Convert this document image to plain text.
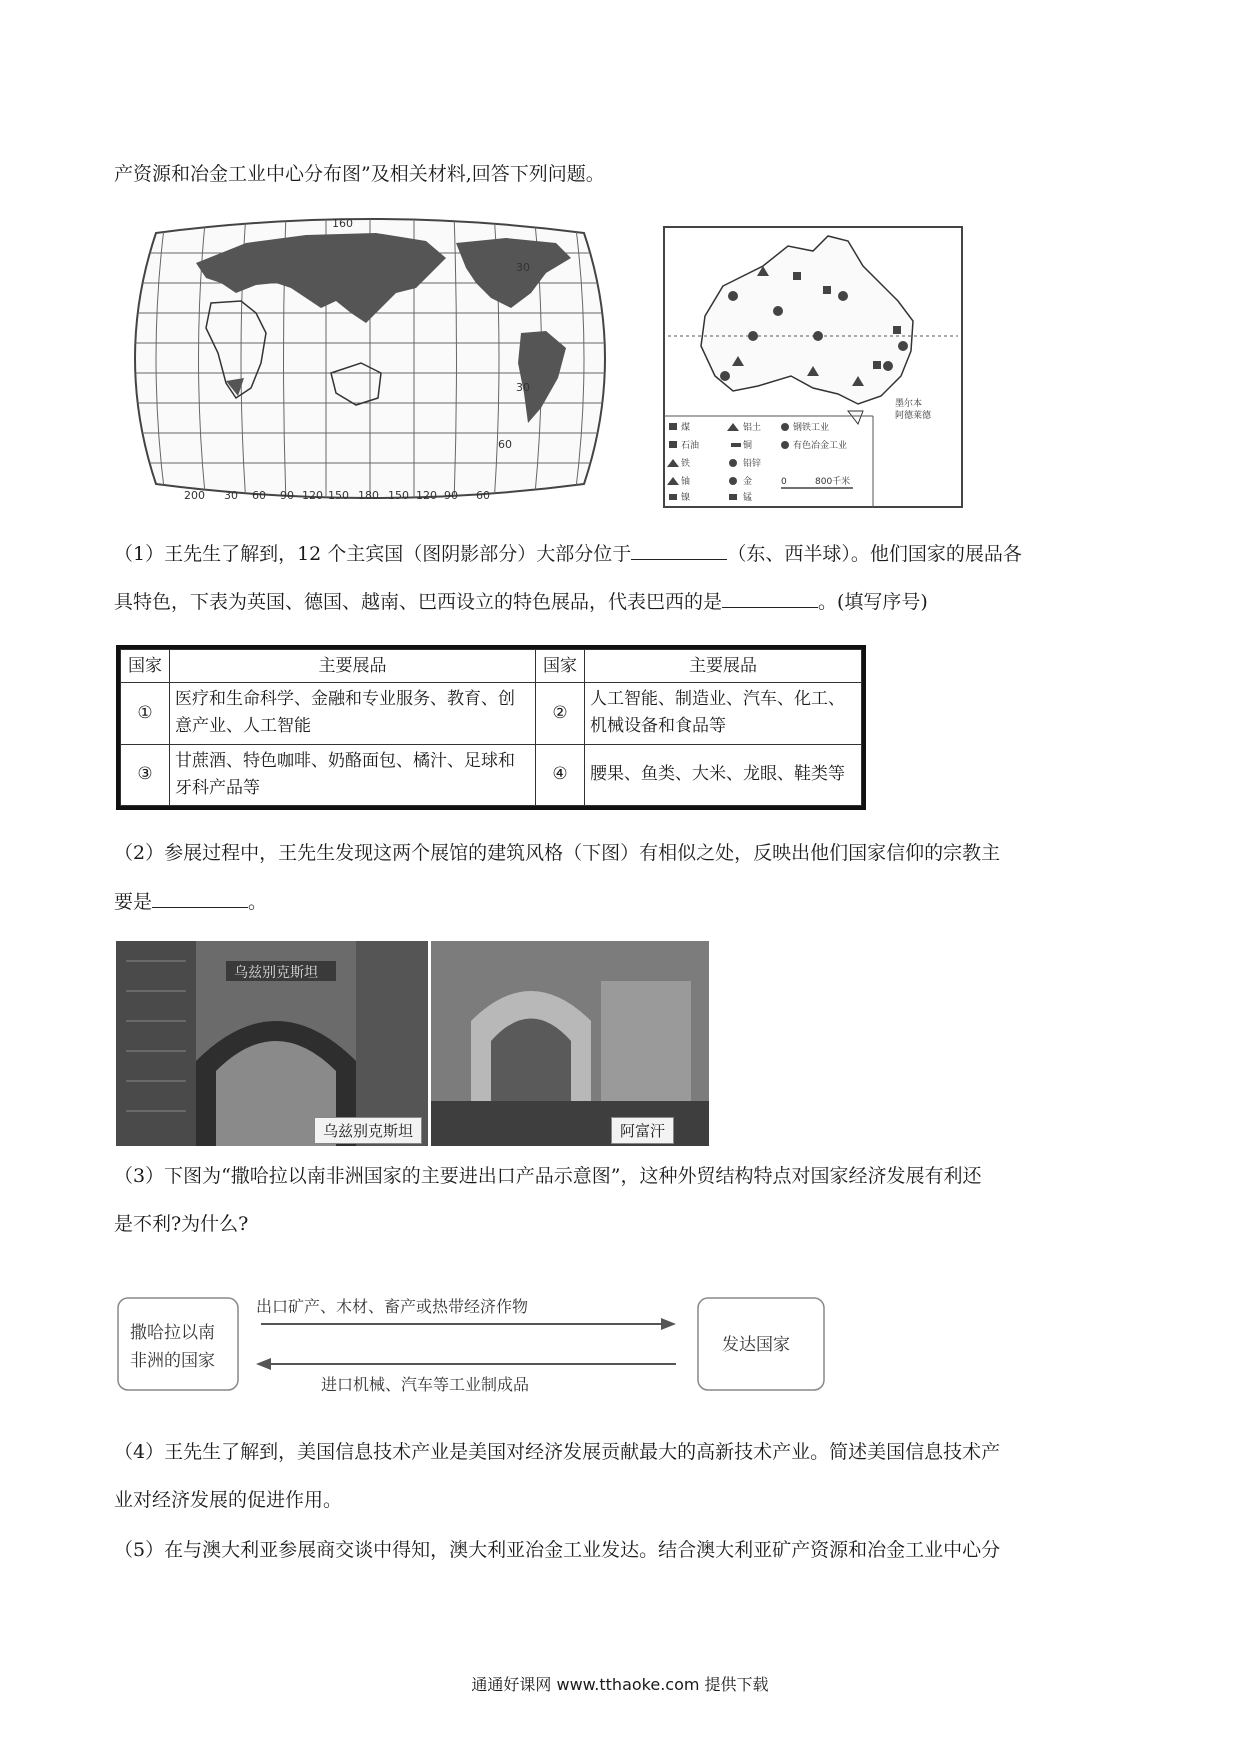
产资源和冶金工业中心分布图”及相关材料,回答下列问题。

160
30
30
60
200 30 60 90 120 150 180 150 120 90 60
煤	铝土	钢铁工业
石油	铜	有色冶金工业
铁	铅锌
铀	金
镍	锰
0	800千米
墨尔本
阿德莱德

（1）王先生了解到，12 个主宾国（图阴影部分）大部分位于	（东、西半球）。他们国家的展品各

具特色，下表为英国、德国、越南、巴西设立的特色展品，代表巴西的是	。(填写序号)

国家	主要展品	国家	主要展品
①	医疗和生命科学、金融和专业服务、教育、创意产业、人工智能	②	人工智能、制造业、汽车、化工、机械设备和食品等
③	甘蔗酒、特色咖啡、奶酪面包、橘汁、足球和牙科产品等	④	腰果、鱼类、大米、龙眼、鞋类等

（2）参展过程中，王先生发现这两个展馆的建筑风格（下图）有相似之处，反映出他们国家信仰的宗教主

要是	。

乌兹别克斯坦
乌兹别克斯坦	阿富汗

（3）下图为“撒哈拉以南非洲国家的主要进出口产品示意图”，这种外贸结构特点对国家经济发展有利还

是不利?为什么?

撒哈拉以南
非洲的国家
发达国家
出口矿产、木材、畜产或热带经济作物
进口机械、汽车等工业制成品

（4）王先生了解到，美国信息技术产业是美国对经济发展贡献最大的高新技术产业。简述美国信息技术产

业对经济发展的促进作用。

（5）在与澳大利亚参展商交谈中得知，澳大利亚冶金工业发达。结合澳大利亚矿产资源和冶金工业中心分

通通好课网 www.tthaoke.com 提供下载
